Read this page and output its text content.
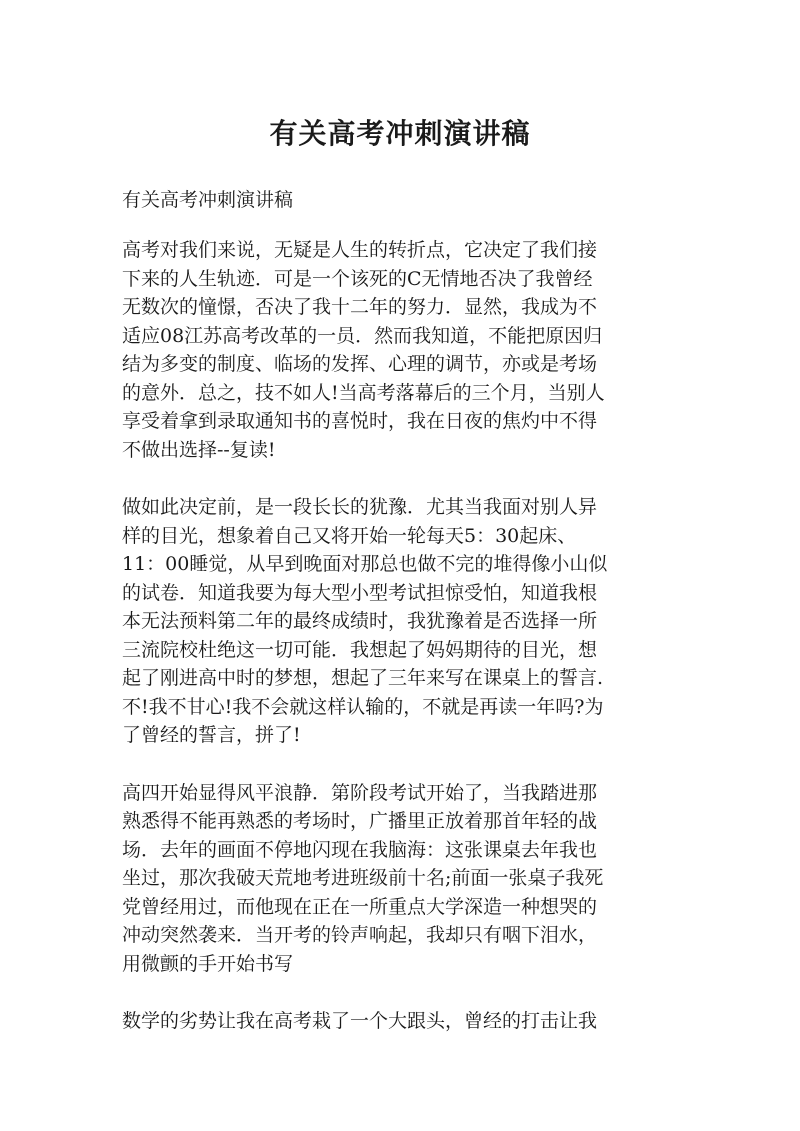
有关高考冲刺演讲稿

有关高考冲刺演讲稿

高考对我们来说，无疑是人生的转折点，它决定了我们接
下来的人生轨迹．可是一个该死的C无情地否决了我曾经
无数次的憧憬，否决了我十二年的努力．显然，我成为不
适应08江苏高考改革的一员．然而我知道，不能把原因归
结为多变的制度、临场的发挥、心理的调节，亦或是考场
的意外．总之，技不如人!当高考落幕后的三个月，当别人
享受着拿到录取通知书的喜悦时，我在日夜的焦灼中不得
不做出选择--复读!
做如此决定前，是一段长长的犹豫．尤其当我面对别人异
样的目光，想象着自己又将开始一轮每天5：30起床、
11：00睡觉，从早到晚面对那总也做不完的堆得像小山似
的试卷．知道我要为每大型小型考试担惊受怕，知道我根
本无法预料第二年的最终成绩时，我犹豫着是否选择一所
三流院校杜绝这一切可能．我想起了妈妈期待的目光，想
起了刚进高中时的梦想，想起了三年来写在课桌上的誓言.
不!我不甘心!我不会就这样认输的，不就是再读一年吗?为
了曾经的誓言，拼了!
高四开始显得风平浪静．第阶段考试开始了，当我踏进那
熟悉得不能再熟悉的考场时，广播里正放着那首年轻的战
场．去年的画面不停地闪现在我脑海：这张课桌去年我也
坐过，那次我破天荒地考进班级前十名;前面一张桌子我死
党曾经用过，而他现在正在一所重点大学深造一种想哭的
冲动突然袭来．当开考的铃声响起，我却只有咽下泪水，
用微颤的手开始书写
数学的劣势让我在高考栽了一个大跟头，曾经的打击让我
